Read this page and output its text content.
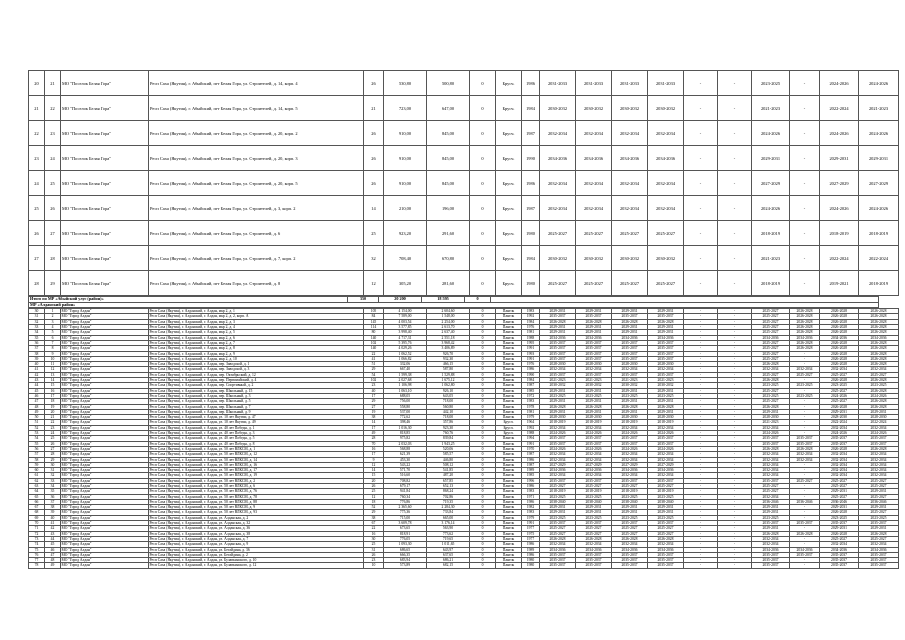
20	21	МО "Поселок Белая Гора"	Респ Саха (Якутия), г. Абыйский, пгт Белая Гора, ул. Строителей, д. 14, корп. 4	26	530,80	500,80	0	Брусч.	1986	2031-2033	2031-2033	2031-2033	2031-2033	-	-	2023-2025	-	2024-2026	2024-2026
21	22	МО "Поселок Белая Гора"	Респ Саха (Якутия), г. Абыйский, пгт Белая Гора, ул. Строителей, д. 14, корп. 5	21	723,00	647,00	0	Брусч.	1984	2030-2032	2030-2032	2030-2032	2030-2032	-	-	2021-2023	-	2022-2024	2021-2023
22	23	МО "Поселок Белая Гора"	Респ Саха (Якутия), г. Абыйский, пгт Белая Гора, ул. Строителей, д. 20, корп. 2	26	910,00	845,00	0	Брусч.	1987	2032-2034	2032-2034	2032-2034	2032-2034	-	-	2024-2026	-	2024-2026	2024-2026
23	24	МО "Поселок Белая Гора"	Респ Саха (Якутия), г. Абыйский, пгт Белая Гора, ул. Строителей, д. 20, корп. 3	26	910,00	845,00	0	Брусч.	1990	2034-2036	2034-2036	2034-2036	2034-2036	-	-	2029-2031	-	2029-2031	2029-2031
24	25	МО "Поселок Белая Гора"	Респ Саха (Якутия), г. Абыйский, пгт Белая Гора, ул. Строителей, д. 20, корп. 5	26	910,00	845,00	0	Брусч.	1986	2032-2034	2032-2034	2032-2034	2032-2034	-	-	2027-2029	-	2027-2029	2027-2029
25	26	МО "Поселок Белая Гора"	Респ Саха (Якутия), г. Абыйский, пгт Белая Гора, ул. Строителей, д. 3, корп. 2	14	210,00	196,00	0	Брусч.	1987	2032-2034	2032-2034	2032-2034	2032-2034	-	-	2024-2026	-	2024-2026	2024-2026
26	27	МО "Поселок Белая Гора"	Респ Саха (Якутия), г. Абыйский, пгт Белая Гора, ул. Строителей, д. 6	25	923,20	291,60	0	Брусч.	1980	2025-2027	2025-2027	2025-2027	2025-2027	-	-	2018-2019	-	2018-2019	2018-2019
27	28	МО "Поселок Белая Гора"	Респ Саха (Якутия), г. Абыйский, пгт Белая Гора, ул. Строителей, д. 7, корп. 2	32	708,40	670,80	0	Брусч.	1984	2030-2032	2030-2032	2030-2032	2030-2032	-	-	2021-2023	-	2022-2024	2022-2024
28	29	МО "Поселок Белая Гора"	Респ Саха (Якутия), г. Абыйский, пгт Белая Гора, ул. Строителей, д. 8	12	305,20	281,60	0	Брусч.	1980	2025-2027	2025-2027	2025-2027	2025-2027	-	-	2018-2019	-	2019-2021	2018-2019
Итого по МР «Абыйский улус (район)»	350	20 200	18 595	0	
МР «Алданский район»
30	1	МО "Город Алдан"	Респ Саха (Якутия), г. Алданский, г. Алдан, мкр 2, д. 1	105	4 154,00	2 604,60	0	Панель	1983	2029-2031	2029-2031	2029-2031	2029-2031	-	-	2025-2027	2026-2028	2026-2028	2026-2028
31	2	МО "Город Алдан"	Респ Саха (Якутия), г. Алданский, г. Алдан, мкр 2, д. 2, корп. А	84	7 589,00	1 548,00	0	Панель	1992	2035-2037	2035-2037	2035-2037	2035-2037	-	-	2025-2027	2026-2028	2026-2028	2026-2028
32	3	МО "Город Алдан"	Респ Саха (Якутия), г. Алданский, г. Алдан, мкр 2, д. 3	145	4 003,54	2 254,00	0	Панель	1984	2026-2028	2026-2028	2026-2028	2026-2028	-	-	2025-2027	2026-2028	2026-2028	2026-2028
33	4	МО "Город Алдан"	Респ Саха (Якутия), г. Алданский, г. Алдан, мкр 2, д. 4	114	3 577,85	2 613,70	0	Панель	1976	2029-2031	2029-2031	2029-2031	2029-2031	-	-	2025-2027	2026-2028	2026-2028	2026-2028
34	5	МО "Город Алдан"	Респ Саха (Якутия), г. Алданский, г. Алдан, мкр 2, д. 5	80	3 998,40	2 637,40	0	Панель	1981	2029-2031	2029-2031	2029-2031	2029-2031	-	-	2025-2027	2026-2028	2026-2028	2026-2028
35	6	МО "Город Алдан"	Респ Саха (Якутия), г. Алданский, г. Алдан, мкр 2, д. 6	140	4 717,31	2 551,18	0	Панель	1988	2034-2036	2034-2036	2034-2036	2034-2036	-	-	2034-2036	2034-2036	2034-2036	2034-2036
36	7	МО "Город Алдан"	Респ Саха (Якутия), г. Алданский, г. Алдан, мкр 2, д. 7	102	5 395,76	3 968,42	0	Панель	1995	2035-2037	2035-2037	2035-2037	2035-2037	-	-	2025-2027	2026-2028	2026-2028	2026-2028
37	8	МО "Город Алдан"	Респ Саха (Якутия), г. Алданский, г. Алдан, мкр 2, д. 8	140	4 029,26	3 406,89	0	Панель	1991	2035-2037	2035-2037	2035-2037	2035-2037	-	-	2025-2027	2026-2028	2026-2028	2026-2028
38	9	МО "Город Алдан"	Респ Саха (Якутия), г. Алданский, г. Алдан, мкр 2, д. 9	22	1 062,52	926,70	0	Панель	1993	2035-2037	2035-2037	2035-2037	2035-2037	-	-	2025-2027	-	2026-2028	2026-2028
39	10	МО "Город Алдан"	Респ Саха (Якутия), г. Алданский, г. Алдан, мкр 2, д. 10	41	1 066,82	932,30	0	Панель	1991	2035-2037	2035-2037	2035-2037	2035-2037	-	-	2025-2027	-	2026-2028	2026-2028
40	11	МО "Город Алдан"	Респ Саха (Якутия), г. Алданский, г. Алдан, пер. Заводской, д. 1	51	332,06	466,15	0	Панель	1976	2028-2030	2028-2030	2028-2030	2028-2030	-	-	2026-2028	-	2026-2028	2026-2028
41	12	МО "Город Алдан"	Респ Саха (Якутия), г. Алданский, г. Алдан, пер. Заводской, д. 3	29	667,40	587,80	0	Панель	1986	2032-2034	2032-2034	2032-2034	2032-2034	-	-	2032-2034	2032-2034	2032-2034	2032-2034
42	13	МО "Город Алдан"	Респ Саха (Якутия), г. Алданский, г. Алдан, пер. Октябрьский, д. 12	54	1 599,38	1 529,88	0	Панель	1990	2035-2037	2035-2037	2035-2037	2035-2037	-	-	2025-2027	2025-2027	2025-2027	2025-2027
43	14	МО "Город Алдан"	Респ Саха (Якутия), г. Алданский, г. Алдан, пер. Первомайский, д. 4	102	2 027,68	1 675,12	0	Панель	1984	2021-2023	2021-2023	2021-2023	2021-2023	-	-	2026-2028	-	2026-2028	2026-2028
44	15	МО "Город Алдан"	Респ Саха (Якутия), г. Алданский, г. Алдан, пер. Спортивный, д. 2	23	1 106,98	1 062,80	0	Панель	1987	2030-2032	2030-2032	2030-2032	2030-2032	-	-	2023-2025	2023-2025	2023-2025	2023-2025
45	16	МО "Город Алдан"	Респ Саха (Якутия), г. Алданский, г. Алдан, пер. Школьный, д. 15	40	1 063,10	926,10	0	Панель	1985	2029-2031	2029-2031	2029-2031	2029-2031	-	-	2025-2027	-	2025-2027	2026-2028
46	17	МО "Город Алдан"	Респ Саха (Якутия), г. Алданский, г. Алдан, пер. Школьный, д. 3	17	688,05	643,05	0	Панель	1972	2023-2025	2023-2025	2023-2025	2023-2025	-	-	2023-2025	2023-2025	2024-2026	2024-2026
47	18	МО "Город Алдан"	Респ Саха (Якутия), г. Алданский, г. Алдан, пер. Школьный, д. 5	29	756,00	718,00	0	Панель	1983	2029-2031	2029-2031	2029-2031	2029-2031	-	-	2025-2027	-	2025-2027	2026-2028
48	19	МО "Город Алдан"	Респ Саха (Якутия), г. Алданский, г. Алдан, пер. Школьный, д. 7	27	558,80	560,80	0	Панель	1978	2026-2028	2026-2028	2026-2028	2026-2028	-	-	2026-2028	-	2026-2028	2026-2028
49	20	МО "Город Алдан"	Респ Саха (Якутия), г. Алданский, г. Алдан, пер. Школьный, д. 9	19	537,00	442,10	0	Панель	1981	2029-2031	2029-2031	2029-2031	2029-2031	-	-	2029-2031	-	2029-2031	2029-2031
50	21	МО "Город Алдан"	Респ Саха (Якутия), г. Алданский, г. Алдан, ул. 10 лет Якутии, д. 47	38	772,62	718,00	0	Панель	1979	2028-2030	2028-2030	2028-2030	2028-2030	-	-	2028-2030	-	2028-2030	2028-2030
51	22	МО "Город Алдан"	Респ Саха (Якутия), г. Алданский, г. Алдан, ул. 10 лет Якутии, д. 49	14	398,46	357,86	0	Брусч.	1964	2018-2019	2018-2019	2018-2019	2018-2019	-	-	2021-2023	-	2022-2024	2022-2024
52	23	МО "Город Алдан"	Респ Саха (Якутия), г. Алданский, г. Алдан, ул. 40 лет Победы, д. 1	17	1 016,30	923,30	0	Брусч.	1992	2032-2034	2032-2034	2032-2034	2032-2034	-	-	2032-2034	-	2032-2034	2032-2034
53	24	МО "Город Алдан"	Респ Саха (Якутия), г. Алданский, г. Алдан, ул. 40 лет Победы, д. 3	49	818,85	760,76	0	Брусч.	1988	2024-2026	2024-2026	2024-2026	2024-2026	-	-	2024-2026	-	2024-2026	2024-2026
54	25	МО "Город Алдан"	Респ Саха (Якутия), г. Алданский, г. Алдан, ул. 40 лет Победы, д. 5	28	975,82	839,84	0	Панель	1994	2035-2037	2035-2037	2035-2037	2035-2037	-	-	2035-2037	2035-2037	2035-2037	2035-2037
55	26	МО "Город Алдан"	Респ Саха (Якутия), г. Алданский, г. Алдан, ул. 40 лет Победы, д. 8	70	2 032,03	1 943,25	0	Панель	1991	2035-2037	2035-2037	2035-2037	2035-2037	-	-	2035-2037	2035-2037	2035-2037	2035-2037
56	27	МО "Город Алдан"	Респ Саха (Якутия), г. Алданский, г. Алдан, ул. 50 лет ВЛКСМ, д. 1	16	568,88	520,06	0	Панель	1970	2024-2026	2024-2026	2024-2026	2024-2026	-	-	2026-2028	2026-2028	2026-2028	2026-2028
57	28	МО "Город Алдан"	Респ Саха (Якутия), г. Алданский, г. Алдан, ул. 50 лет ВЛКСМ, д. 12	17	621,39	585,57	0	Панель	1987	2032-2034	2032-2034	2032-2034	2032-2034	-	-	2032-2034	2032-2034	2032-2034	2032-2034
58	29	МО "Город Алдан"	Респ Саха (Якутия), г. Алданский, г. Алдан, ул. 50 лет ВЛКСМ, д. 14	9	453,30	446,80	0	Панель	1986	2032-2034	2032-2034	2032-2034	2032-2034	-	-	2032-2034	2032-2034	2032-2034	2032-2034
59	30	МО "Город Алдан"	Респ Саха (Якутия), г. Алданский, г. Алдан, ул. 50 лет ВЛКСМ, д. 16	12	543,22	508,12	0	Панель	1987	2027-2029	2027-2029	2027-2029	2027-2029	-	-	2032-2034	-	2032-2034	2032-2034
60	31	МО "Город Алдан"	Респ Саха (Якутия), г. Алданский, г. Алдан, ул. 50 лет ВЛКСМ, д. 17	14	571,70	541,85	0	Панель	1989	2034-2036	2034-2036	2034-2036	2034-2036	-	-	2032-2034	-	2032-2034	2032-2034
61	32	МО "Город Алдан"	Респ Саха (Якутия), г. Алданский, г. Алдан, ул. 50 лет ВЛКСМ, д. 19	15	516,60	487,20	0	Панель	1985	2032-2034	2032-2034	2032-2034	2032-2034	-	-	2032-2034	-	2032-2034	2032-2034
62	33	МО "Город Алдан"	Респ Саха (Якутия), г. Алданский, г. Алдан, ул. 50 лет ВЛКСМ, д. 2	20	708,82	657,85	0	Панель	1996	2035-2037	2035-2037	2035-2037	2035-2037	-	-	2035-2037	2025-2027	2025-2027	2025-2027
63	34	МО "Город Алдан"	Респ Саха (Якутия), г. Алданский, г. Алдан, ул. 50 лет ВЛКСМ, д. 6	26	679,17	652,13	0	Панель	1986	2025-2027	2025-2027	2025-2027	2025-2027	-	-	2025-2027	-	2025-2027	2025-2027
64	35	МО "Город Алдан"	Респ Саха (Якутия), г. Алданский, г. Алдан, ул. 50 лет ВЛКСМ, д. 76	25	941,84	868,24	0	Панель	1983	2018-2019	2018-2019	2018-2019	2018-2019	-	-	2025-2027	-	2029-2031	2029-2031
65	36	МО "Город Алдан"	Респ Саха (Якутия), г. Алданский, г. Алдан, ул. 50 лет ВЛКСМ, д. 78	12	760,34	702,86	0	Панель	1971	2023-2025	2023-2025	2023-2025	2023-2025	-	-	2032-2034	-	2025-2027	2025-2027
66	37	МО "Город Алдан"	Респ Саха (Якутия), г. Алданский, г. Алдан, ул. 50 лет ВЛКСМ, д. 88	18	776,86	719,35	0	Панель	1986	2038-2040	2038-2040	2038-2040	2038-2040	-	-	2036-2046	2036-2046	2036-2046	2036-2046
67	38	МО "Город Алдан"	Респ Саха (Якутия), г. Алданский, г. Алдан, ул. 50 лет ВЛКСМ, д. 9	52	2 365,60	2 284,30	0	Панель	1982	2029-2031	2029-2031	2029-2031	2029-2031	-	-	2029-2031	-	2029-2031	2029-2031
68	39	МО "Город Алдан"	Респ Саха (Якутия), г. Алданский, г. Алдан, ул. 50 лет ВЛКСМ, д. 93	29	775,36	733,84	0	Панель	1983	2029-2031	2029-2031	2029-2031	2029-2031	-	-	2029-2031	-	2026-2028	2025-2027
69	40	МО "Город Алдан"	Респ Саха (Якутия), г. Алданский, г. Алдан, ул. Алданская, д. 2	38	715,00	665,00	0	Панель	1979	2023-2025	2023-2025	2023-2025	2023-2025	-	-	2023-2025	-	2023-2025	2023-2025
70	41	МО "Город Алдан"	Респ Саха (Якутия), г. Алданский, г. Алдан, ул. Алданская, д. 32	67	3 609,78	3 176,14	0	Панель	1991	2035-2037	2035-2037	2035-2037	2035-2037	-	-	2035-2037	2035-2037	2035-2037	2035-2037
71	42	МО "Город Алдан"	Респ Саха (Якутия), г. Алданский, г. Алдан, ул. Алданская, д. 36	22	673,65	563,90	0	Панель	1977	2025-2027	2025-2027	2025-2027	2025-2027	-	-	2029-2031	-	2029-2031	2029-2031
72	43	МО "Город Алдан"	Респ Саха (Якутия), г. Алданский, г. Алдан, ул. Алданская, д. 38	16	818,91	773,62	0	Панель	1975	2025-2027	2025-2027	2025-2027	2025-2027	-	-	2026-2028	2026-2028	2026-2028	2026-2028
73	44	МО "Город Алдан"	Респ Саха (Якутия), г. Алданский, г. Алдан, ул. Алданская, д. 7	30	776,05	719,65	0	Панель	1977	2026-2028	2026-2028	2026-2028	2026-2028	-	-	2032-2034	-	2025-2027	2025-2027
74	45	МО "Город Алдан"	Респ Саха (Якутия), г. Алданский, г. Алдан, ул. Алданская, д. 9	25	1 093,30	1 011,65	0	Панель	1986	2032-2034	2032-2034	2032-2034	2032-2034	-	-	2032-2034	-	2032-2034	2032-2034
75	46	МО "Город Алдан"	Респ Саха (Якутия), г. Алданский, г. Алдан, ул. Бегайдина, д. 36	31	686,65	643,97	0	Панель	1989	2034-2036	2034-2036	2034-2036	2034-2036	-	-	2034-2036	2034-2036	2034-2036	2034-2036
76	47	МО "Город Алдан"	Респ Саха (Якутия), г. Алданский, г. Алдан, ул. Бегайдина, д. 2	26	666,35	637,65	0	Панель	1986	2035-2037	2035-2037	2035-2037	2035-2037	-	-	2035-2037	2035-2037	2035-2037	2035-2037
77	48	МО "Город Алдан"	Респ Саха (Якутия), г. Алданский, г. Алдан, ул. Булавкинского, д. 10	23	683,94	686,21	0	Панель	1980	2035-2037	2035-2037	2035-2037	2035-2037	-	-	2035-2037	-	2035-2037	2035-2037
78	49	МО "Город Алдан"	Респ Саха (Якутия), г. Алданский, г. Алдан, ул. Булавкинского, д. 12	10	573,89	682,15	0	Панель	1980	2035-2037	2035-2037	2035-2037	2035-2037	-	-	2035-2037	-	2035-2037	2035-2037
